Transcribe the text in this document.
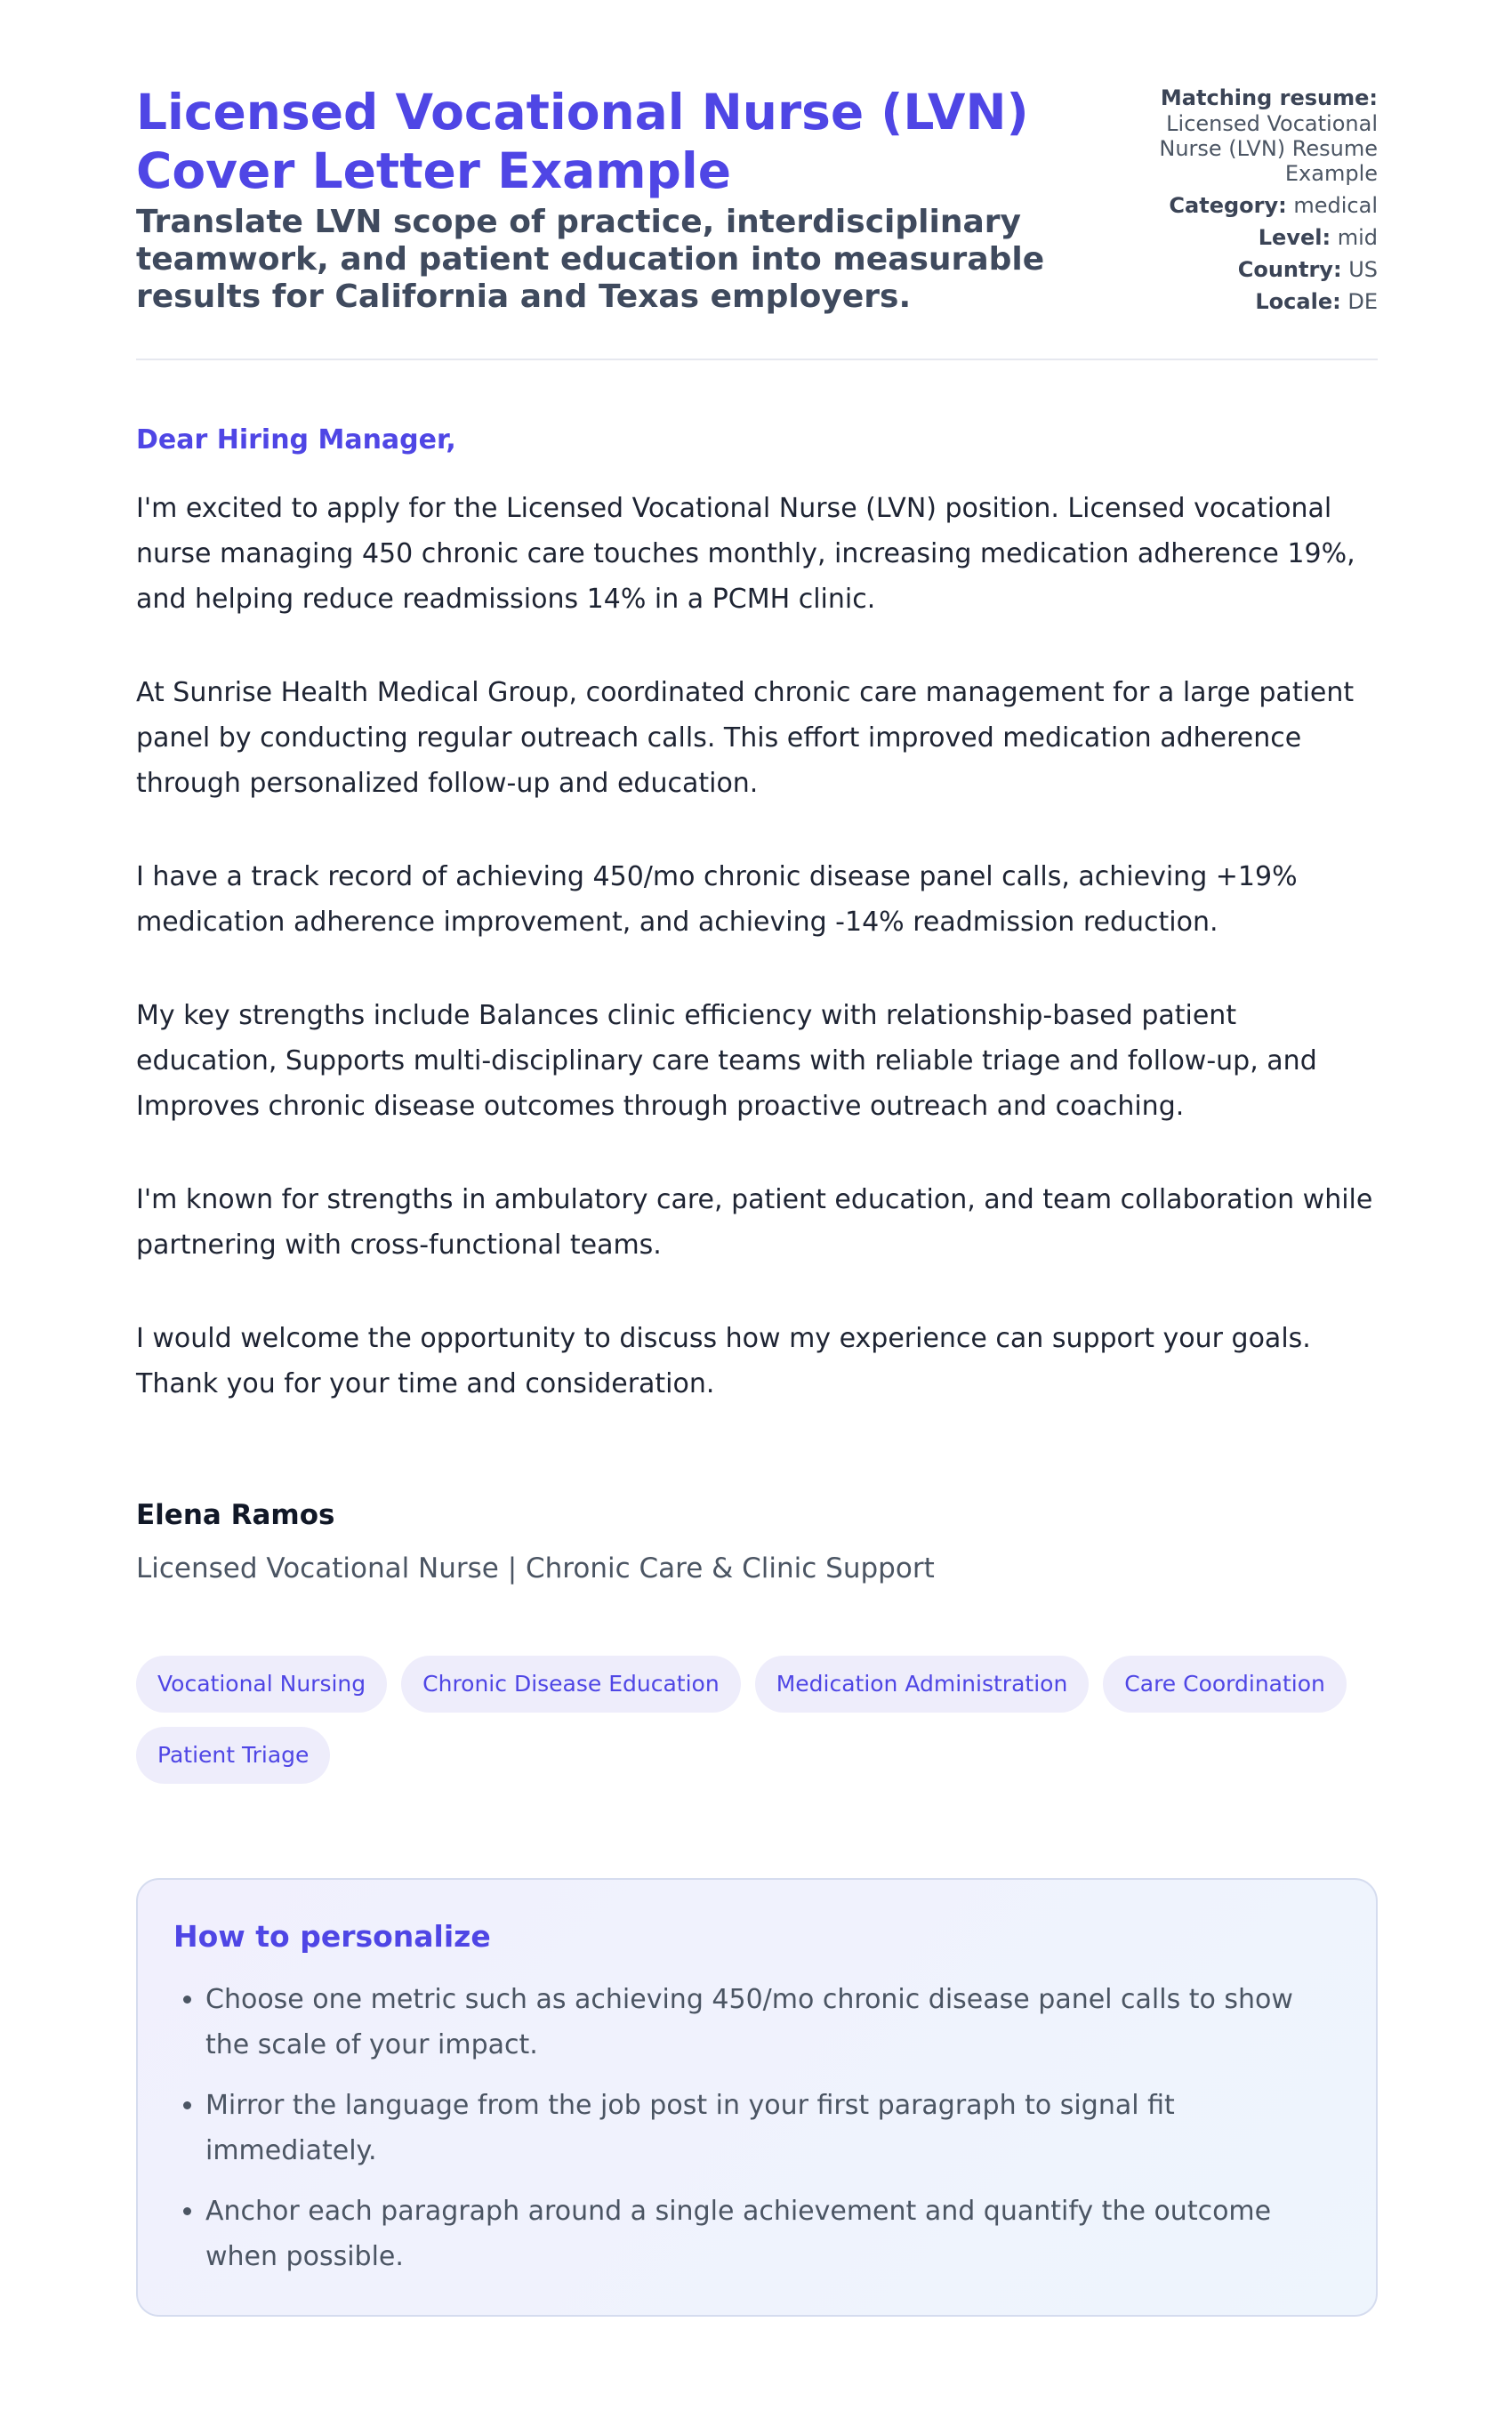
Licensed Vocational Nurse (LVN) Cover Letter Example
Translate LVN scope of practice, interdisciplinary teamwork, and patient education into measurable results for California and Texas employers.
Matching resume:
Licensed Vocational Nurse (LVN) Resume Example
Category: medical
Level: mid
Country: US
Locale: DE

Dear Hiring Manager,

I'm excited to apply for the Licensed Vocational Nurse (LVN) position. Licensed vocational nurse managing 450 chronic care touches monthly, increasing medication adherence 19%, and helping reduce readmissions 14% in a PCMH clinic.

At Sunrise Health Medical Group, coordinated chronic care management for a large patient panel by conducting regular outreach calls. This effort improved medication adherence through personalized follow-up and education.

I have a track record of achieving 450/mo chronic disease panel calls, achieving +19% medication adherence improvement, and achieving -14% readmission reduction.

My key strengths include Balances clinic efficiency with relationship-based patient education, Supports multi-disciplinary care teams with reliable triage and follow-up, and Improves chronic disease outcomes through proactive outreach and coaching.

I'm known for strengths in ambulatory care, patient education, and team collaboration while partnering with cross-functional teams.

I would welcome the opportunity to discuss how my experience can support your goals. Thank you for your time and consideration.

Elena Ramos

Licensed Vocational Nurse | Chronic Care & Clinic Support

Vocational Nursing	Chronic Disease Education	Medication Administration	Care Coordination
Patient Triage
How to personalize
• Choose one metric such as achieving 450/mo chronic disease panel calls to show the scale of your impact.
• Mirror the language from the job post in your first paragraph to signal fit immediately.
• Anchor each paragraph around a single achievement and quantify the outcome when possible.
